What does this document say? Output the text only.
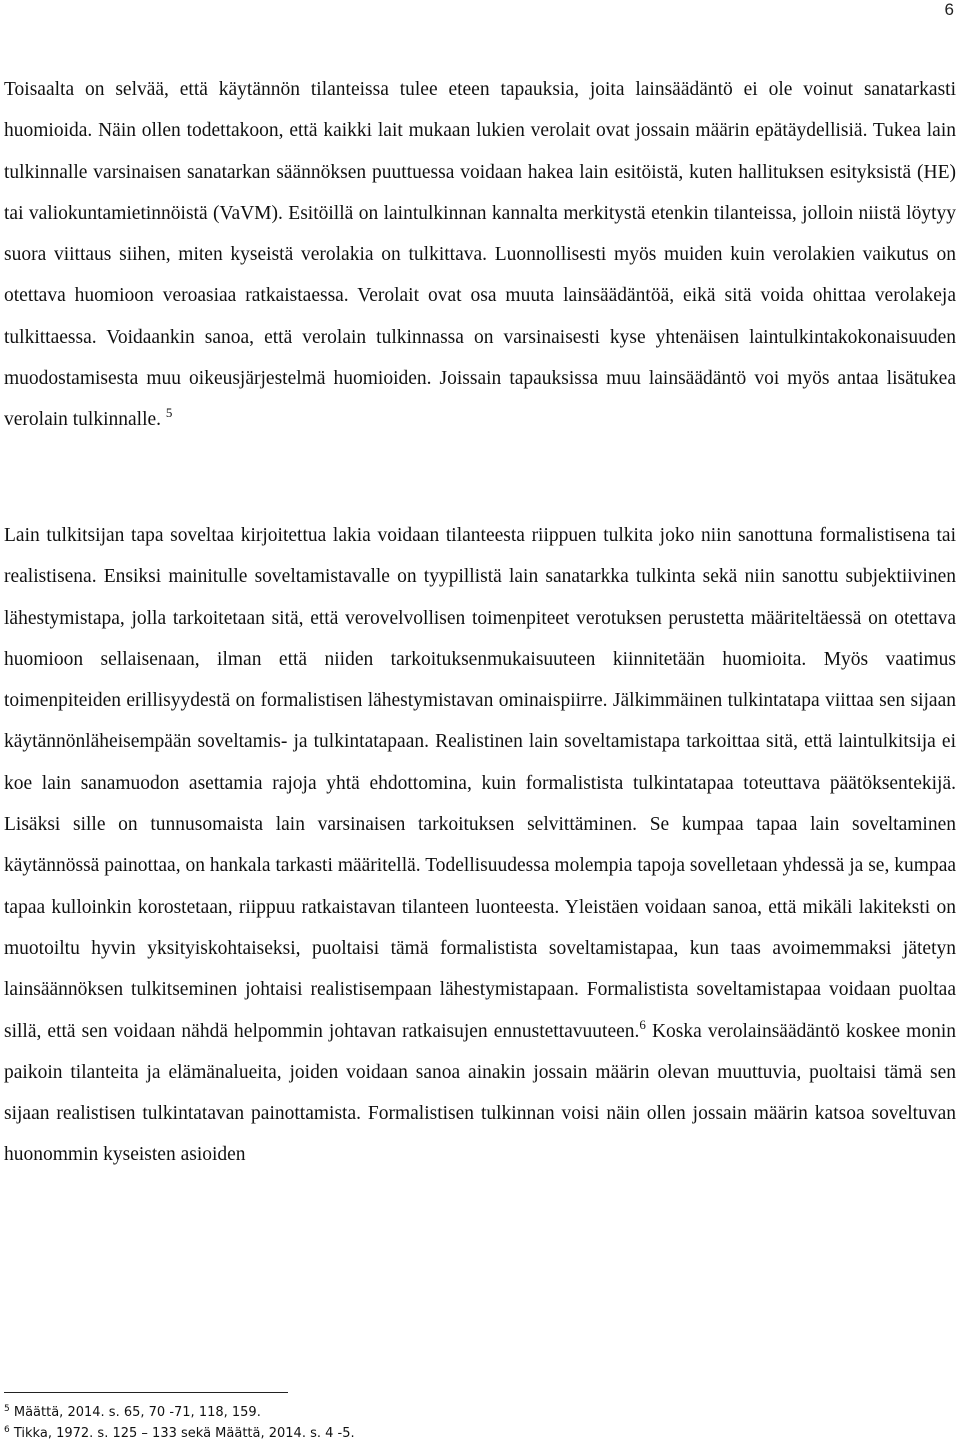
6

Toisaalta on selvää, että käytännön tilanteissa tulee eteen tapauksia, joita lainsäädäntö ei ole voinut sanatarkasti huomioida. Näin ollen todettakoon, että kaikki lait mukaan lukien verolait ovat jossain määrin epätäydellisiä. Tukea lain tulkinnalle varsinaisen sanatarkan säännöksen puuttuessa voidaan hakea lain esitöistä, kuten hallituksen esityksistä (HE) tai valiokuntamietinnöistä (VaVM). Esitöillä on laintulkinnan kannalta merkitystä etenkin tilanteissa, jolloin niistä löytyy suora viittaus siihen, miten kyseistä verolakia on tulkittava. Luonnollisesti myös muiden kuin verolakien vaikutus on otettava huomioon veroasiaa ratkaistaessa. Verolait ovat osa muuta lainsäädäntöä, eikä sitä voida ohittaa verolakeja tulkittaessa. Voidaankin sanoa, että verolain tulkinnassa on varsinaisesti kyse yhtenäisen laintulkintakokonaisuuden muodostamisesta muu oikeusjärjestelmä huomioiden. Joissain tapauksissa muu lainsäädäntö voi myös antaa lisätukea verolain tulkinnalle. $^5$

Lain tulkitsijan tapa soveltaa kirjoitettua lakia voidaan tilanteesta riippuen tulkita joko niin sanottuna formalistisena tai realistisena. Ensiksi mainitulle soveltamistavalle on tyypillistä lain sanatarkka tulkinta sekä niin sanottu subjektiivinen lähestymistapa, jolla tarkoitetaan sitä, että verovelvollisen toimenpiteet verotuksen perustetta määriteltäessä on otettava huomioon sellaisenaan, ilman että niiden tarkoituksenmukaisuuteen kiinnitetään huomioita. Myös vaatimus toimenpiteiden erillisyydestä on formalistisen lähestymistavan ominaispiirre. Jälkimmäinen tulkintatapa viittaa sen sijaan käytännönläheisempään soveltamis- ja tulkintatapaan. Realistinen lain soveltamistapa tarkoittaa sitä, että laintulkitsija ei koe lain sanamuodon asettamia rajoja yhtä ehdottomina, kuin formalistista tulkintatapaa toteuttava päätöksentekijä. Lisäksi sille on tunnusomaista lain varsinaisen tarkoituksen selvittäminen. Se kumpaa tapaa lain soveltaminen käytännössä painottaa, on hankala tarkasti määritellä. Todellisuudessa molempia tapoja sovelletaan yhdessä ja se, kumpaa tapaa kulloinkin korostetaan, riippuu ratkaistavan tilanteen luonteesta. Yleistäen voidaan sanoa, että mikäli lakiteksti on muotoiltu hyvin yksityiskohtaiseksi, puoltaisi tämä formalistista soveltamistapaa, kun taas avoimemmaksi jätetyn lainsäännöksen tulkitseminen johtaisi realistisempaan lähestymistapaan. Formalistista soveltamistapaa voidaan puoltaa sillä, että sen voidaan nähdä helpommin johtavan ratkaisujen ennustettavuuteen.$^6$ Koska verolainsäädäntö koskee monin paikoin tilanteita ja elämänalueita, joiden voidaan sanoa ainakin jossain määrin olevan muuttuvia, puoltaisi tämä sen sijaan realistisen tulkintatavan painottamista. Formalistisen tulkinnan voisi näin ollen jossain määrin katsoa soveltuvan huonommin kyseisten asioiden

$^5$ Määttä, 2014. s. 65, 70 -71, 118, 159.
$^6$ Tikka, 1972. s. 125 – 133 sekä Määttä, 2014. s. 4 -5.
